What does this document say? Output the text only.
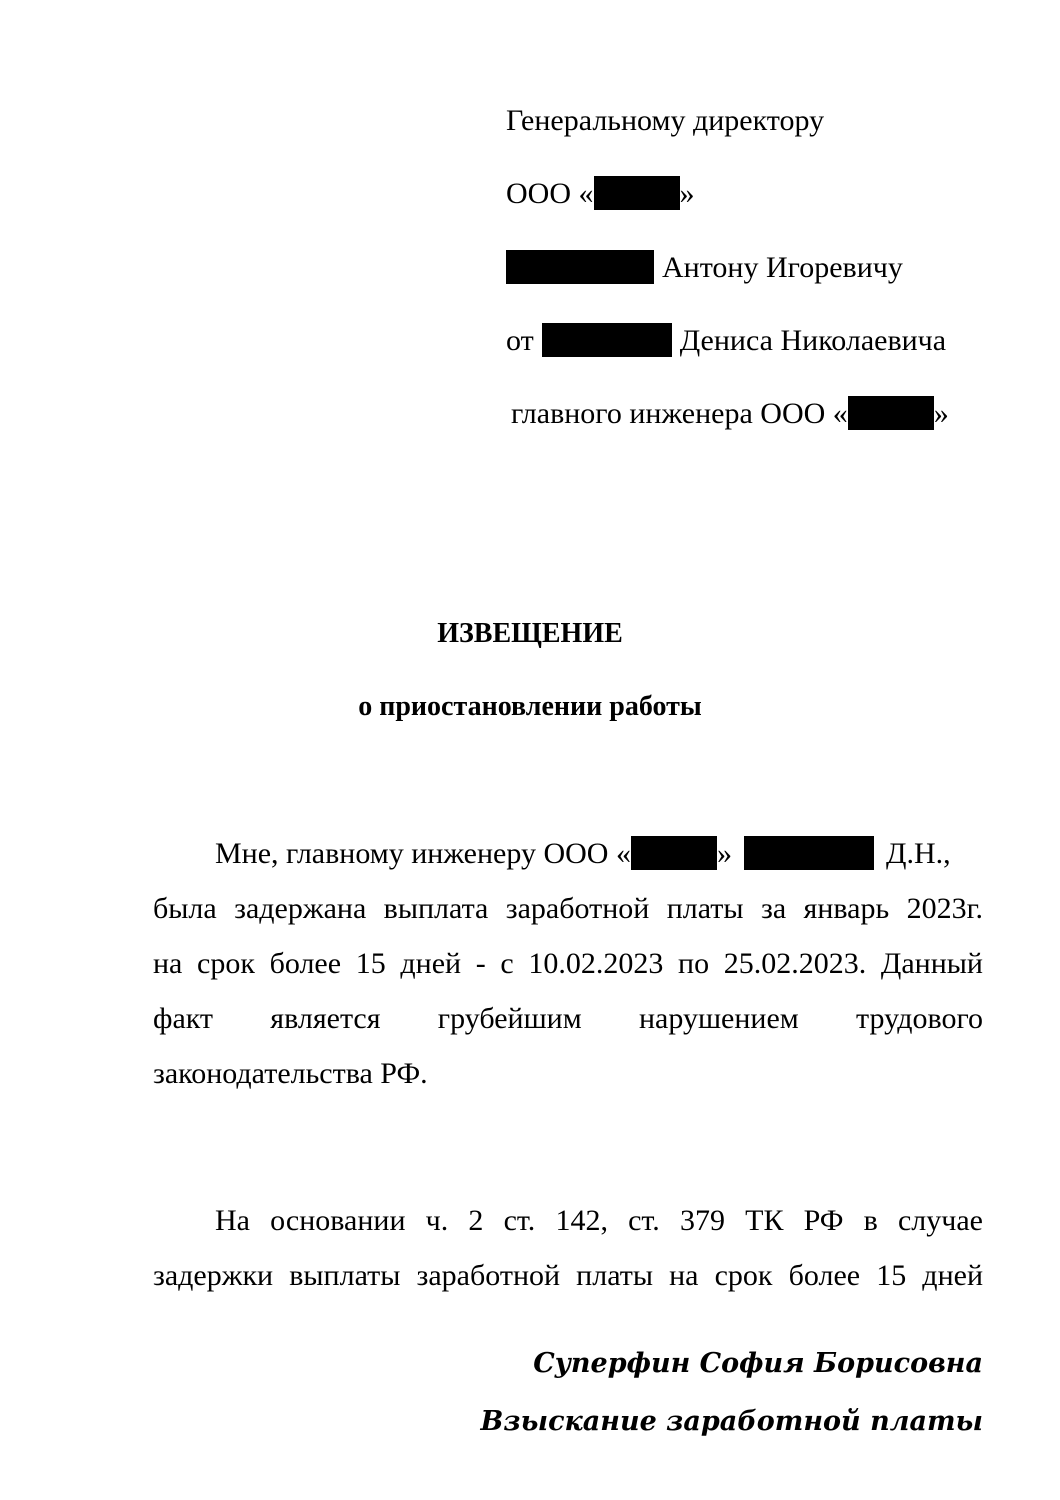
Генеральному директору
ООО «	»
Антону Игоревичу
от	Дениса Николаевича
главного инженера ООО «	»
ИЗВЕЩЕНИЕ
о приостановлении работы
Мне, главному инженеру ООО «	»	Д.Н.,
была задержана выплата заработной платы за январь 2023г.
на срок более 15 дней - с 10.02.2023 по 25.02.2023. Данный
факт является грубейшим нарушением трудового
законодательства РФ.
На основании ч. 2 ст. 142, ст. 379 ТК РФ в случае
задержки выплаты заработной платы на срок более 15 дней
Суперфин София Борисовна
Взыскание заработной платы
